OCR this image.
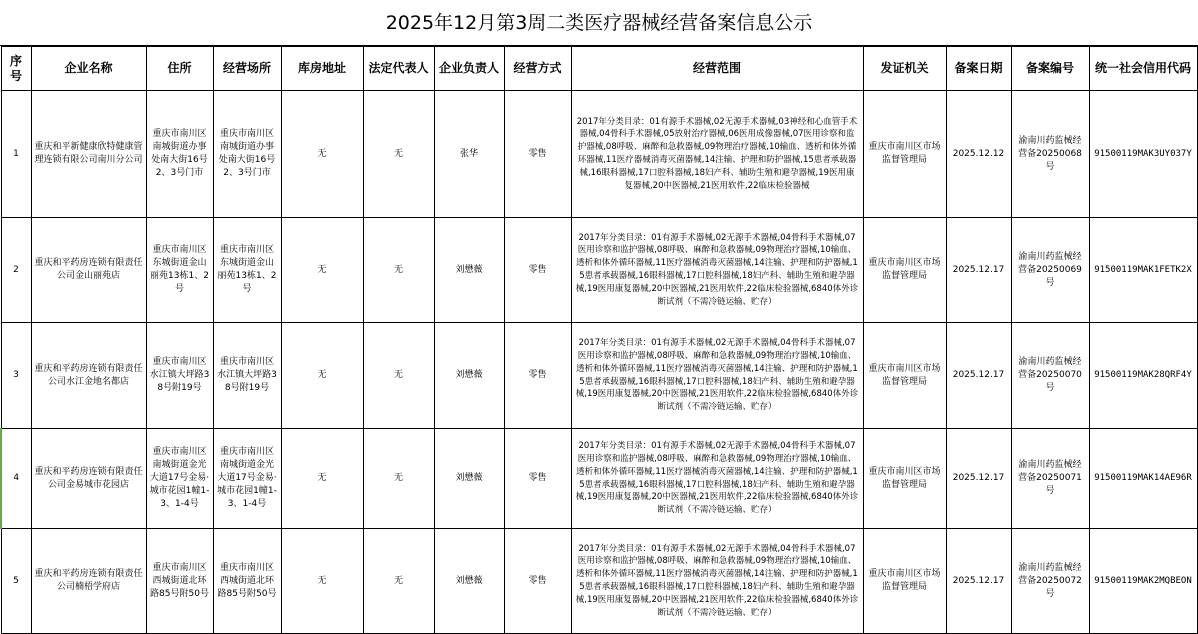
2025年12月第3周二类医疗器械经营备案信息公示
序号	企业名称	住所	经营场所	库房地址	法定代表人	企业负责人	经营方式	经营范围	发证机关	备案日期	备案编号	统一社会信用代码
1	重庆和平新健康欣特健康管理连锁有限公司南川分公司	重庆市南川区南城街道办事处南大街16号2、3号门市	重庆市南川区南城街道办事处南大街16号2、3号门市	无	无	张华	零售	2017年分类目录：01有源手术器械,02无源手术器械,03神经和心血管手术器械,04骨科手术器械,05放射治疗器械,06医用成像器械,07医用诊察和监护器械,08呼吸、麻醉和急救器械,09物理治疗器械,10输血、透析和体外循环器械,11医疗器械消毒灭菌器械,14注输、护理和防护器械,15患者承载器械,16眼科器械,17口腔科器械,18妇产科、辅助生殖和避孕器械,19医用康复器械,20中医器械,21医用软件,22临床检验器械	重庆市南川区市场监督管理局	2025.12.12	渝南川药监械经营备20250068号	91500119MAK3UY037Y
2	重庆和平药房连锁有限责任公司金山丽苑店	重庆市南川区东城街道金山丽苑13栋1、2号	重庆市南川区东城街道金山丽苑13栋1、2号	无	无	刘懋薇	零售	2017年分类目录：01有源手术器械,02无源手术器械,04骨科手术器械,07医用诊察和监护器械,08呼吸、麻醉和急救器械,09物理治疗器械,10输血、透析和体外循环器械,11医疗器械消毒灭菌器械,14注输、护理和防护器械,15患者承载器械,16眼科器械,17口腔科器械,18妇产科、辅助生殖和避孕器械,19医用康复器械,20中医器械,21医用软件,22临床检验器械,6840体外诊断试剂（不需冷链运输、贮存）	重庆市南川区市场监督管理局	2025.12.17	渝南川药监械经营备20250069号	91500119MAK1FETK2X
3	重庆和平药房连锁有限责任公司水江金地名都店	重庆市南川区水江镇大坪路38号附19号	重庆市南川区水江镇大坪路38号附19号	无	无	刘懋薇	零售	2017年分类目录：01有源手术器械,02无源手术器械,04骨科手术器械,07医用诊察和监护器械,08呼吸、麻醉和急救器械,09物理治疗器械,10输血、透析和体外循环器械,11医疗器械消毒灭菌器械,14注输、护理和防护器械,15患者承载器械,16眼科器械,17口腔科器械,18妇产科、辅助生殖和避孕器械,19医用康复器械,20中医器械,21医用软件,22临床检验器械,6840体外诊断试剂（不需冷链运输、贮存）	重庆市南川区市场监督管理局	2025.12.17	渝南川药监械经营备20250070号	91500119MAK28QRF4Y
4	重庆和平药房连锁有限责任公司金易城市花园店	重庆市南川区南城街道金光大道17号金易·城市花园1幢1-3、1-4号	重庆市南川区南城街道金光大道17号金易·城市花园1幢1-3、1-4号	无	无	刘懋薇	零售	2017年分类目录：01有源手术器械,02无源手术器械,04骨科手术器械,07医用诊察和监护器械,08呼吸、麻醉和急救器械,09物理治疗器械,10输血、透析和体外循环器械,11医疗器械消毒灭菌器械,14注输、护理和防护器械,15患者承载器械,16眼科器械,17口腔科器械,18妇产科、辅助生殖和避孕器械,19医用康复器械,20中医器械,21医用软件,22临床检验器械,6840体外诊断试剂（不需冷链运输、贮存）	重庆市南川区市场监督管理局	2025.12.17	渝南川药监械经营备20250071号	91500119MAK14AE96R
5	重庆和平药房连锁有限责任公司楠梧学府店	重庆市南川区西城街道北环路85号附50号	重庆市南川区西城街道北环路85号附50号	无	无	刘懋薇	零售	2017年分类目录：01有源手术器械,02无源手术器械,04骨科手术器械,07医用诊察和监护器械,08呼吸、麻醉和急救器械,09物理治疗器械,10输血、透析和体外循环器械,11医疗器械消毒灭菌器械,14注输、护理和防护器械,15患者承载器械,16眼科器械,17口腔科器械,18妇产科、辅助生殖和避孕器械,19医用康复器械,20中医器械,21医用软件,22临床检验器械,6840体外诊断试剂（不需冷链运输、贮存）	重庆市南川区市场监督管理局	2025.12.17	渝南川药监械经营备20250072号	91500119MAK2MQBEON
